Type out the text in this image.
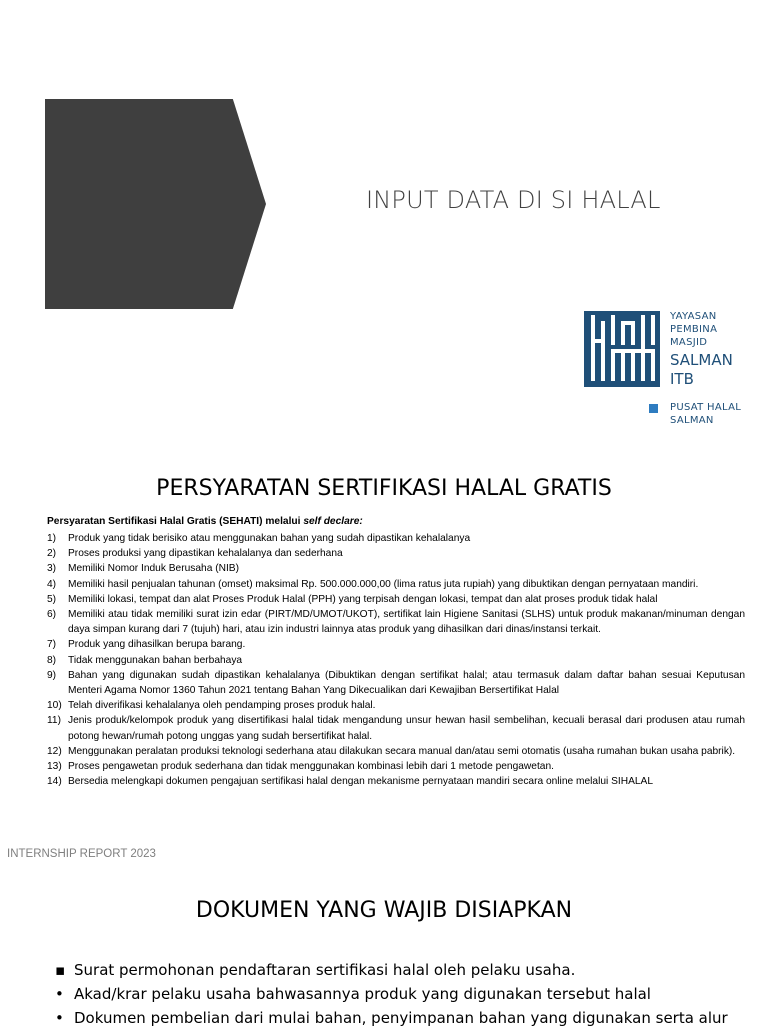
INPUT DATA DI SI HALAL
YAYASAN
PEMBINA
MASJID
SALMAN
ITB
PUSAT HALAL
SALMAN
PERSYARATAN SERTIFIKASI HALAL GRATIS
Persyaratan Sertifikasi Halal Gratis (SEHATI) melalui self declare:
1) Produk yang tidak berisiko atau menggunakan bahan yang sudah dipastikan kehalalanya
2) Proses produksi yang dipastikan kehalalanya dan sederhana
3) Memiliki Nomor Induk Berusaha (NIB)
4) Memiliki hasil penjualan tahunan (omset) maksimal Rp. 500.000.000,00 (lima ratus juta rupiah) yang dibuktikan dengan pernyataan mandiri.
5) Memiliki lokasi, tempat dan alat Proses Produk Halal (PPH) yang terpisah dengan lokasi, tempat dan alat proses produk tidak halal
6) Memiliki atau tidak memiliki surat izin edar (PIRT/MD/UMOT/UKOT), sertifikat lain Higiene Sanitasi (SLHS) untuk produk makanan/minuman dengan daya simpan kurang dari 7 (tujuh) hari, atau izin industri lainnya atas produk yang dihasilkan dari dinas/instansi terkait.
7) Produk yang dihasilkan berupa barang.
8) Tidak menggunakan bahan berbahaya
9) Bahan yang digunakan sudah dipastikan kehalalanya (Dibuktikan dengan sertifikat halal; atau termasuk dalam daftar bahan sesuai Keputusan Menteri Agama Nomor 1360 Tahun 2021 tentang Bahan Yang Dikecualikan dari Kewajiban Bersertifikat Halal
10) Telah diverifikasi kehalalanya oleh pendamping proses produk halal.
11) Jenis produk/kelompok produk yang disertifikasi halal tidak mengandung unsur hewan hasil sembelihan, kecuali berasal dari produsen atau rumah potong hewan/rumah potong unggas yang sudah bersertifikat halal.
12) Menggunakan peralatan produksi teknologi sederhana atau dilakukan secara manual dan/atau semi otomatis (usaha rumahan bukan usaha pabrik).
13) Proses pengawetan produk sederhana dan tidak menggunakan kombinasi lebih dari 1 metode pengawetan.
14) Bersedia melengkapi dokumen pengajuan sertifikasi halal dengan mekanisme pernyataan mandiri secara online melalui SIHALAL
INTERNSHIP REPORT 2023
DOKUMEN YANG WAJIB DISIAPKAN
▪ Surat permohonan pendaftaran sertifikasi halal oleh pelaku usaha.
• Akad/krar pelaku usaha bahwasannya produk yang digunakan tersebut halal
• Dokumen pembelian dari mulai bahan, penyimpanan bahan yang digunakan serta alur
